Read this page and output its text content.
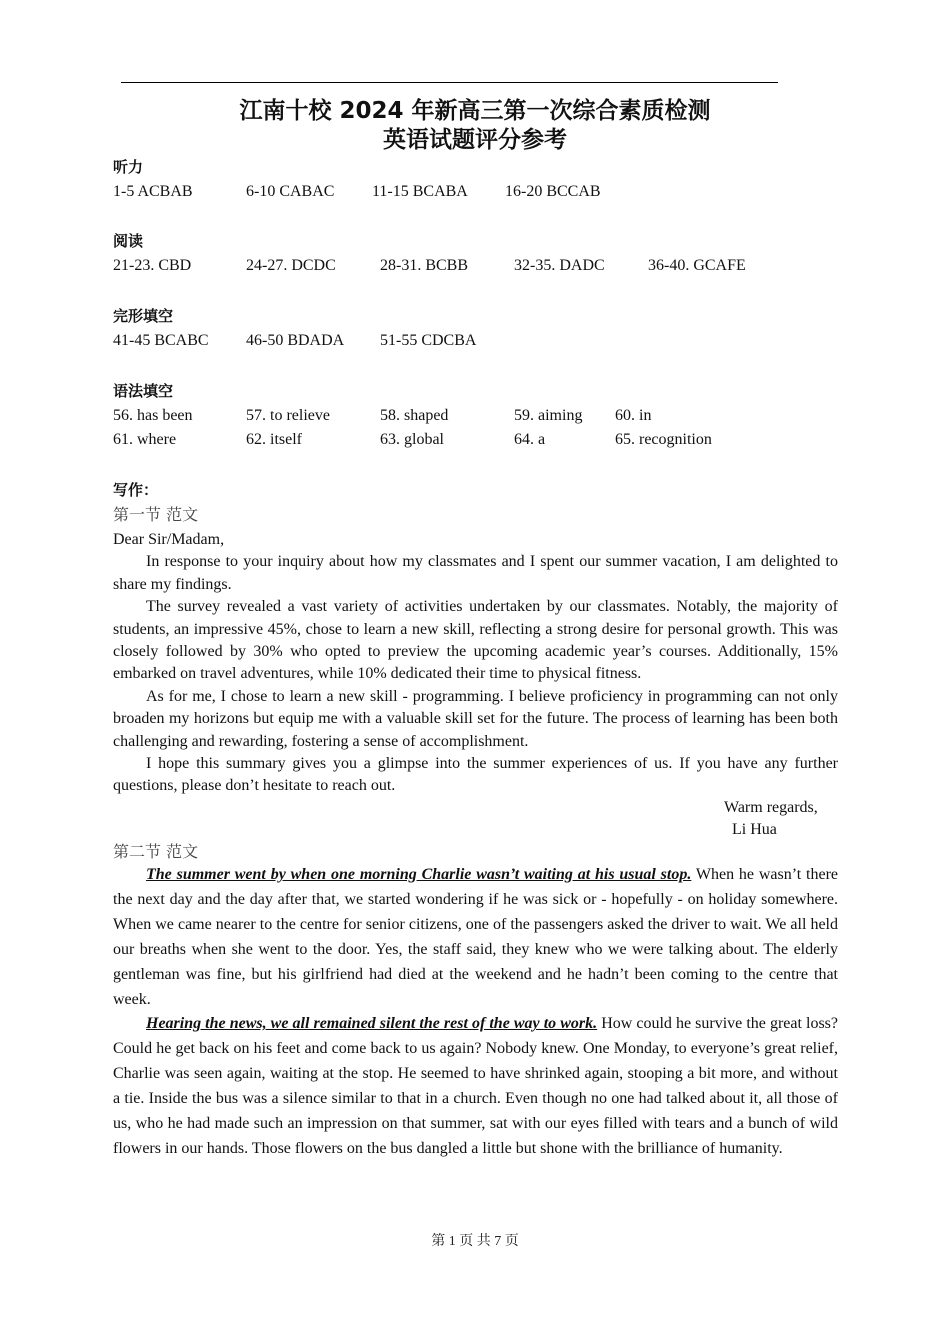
江南十校 2024 年新高三第一次综合素质检测
英语试题评分参考
听力
1-5 ACBAB	6-10 CABAC 11-15 BCABA 16-20 BCCAB
阅读
21-23. CBD	24-27. DCDC	28-31. BCBB	32-35. DADC	36-40. GCAFE
完形填空
41-45 BCABC 46-50 BDADA 51-55 CDCBA
语法填空
56. has been	57. to relieve	58. shaped	59. aiming 60. in
61. where	62. itself	63. global	64. a	65. recognition
写作：
第一节 范文

Dear Sir/Madam,

In response to your inquiry about how my classmates and I spent our summer vacation, I am delighted to share my findings.

The survey revealed a vast variety of activities undertaken by our classmates. Notably, the majority of students, an impressive 45%, chose to learn a new skill, reflecting a strong desire for personal growth. This was closely followed by 30% who opted to preview the upcoming academic year’s courses. Additionally, 15% embarked on travel adventures, while 10% dedicated their time to physical fitness.

As for me, I chose to learn a new skill - programming. I believe proficiency in programming can not only broaden my horizons but equip me with a valuable skill set for the future. The process of learning has been both challenging and rewarding, fostering a sense of accomplishment.

I hope this summary gives you a glimpse into the summer experiences of us. If you have any further questions, please don’t hesitate to reach out.

Warm regards,
Li Hua
第二节 范文

The summer went by when one morning Charlie wasn’t waiting at his usual stop. When he wasn’t there the next day and the day after that, we started wondering if he was sick or - hopefully - on holiday somewhere. When we came nearer to the centre for senior citizens, one of the passengers asked the driver to wait. We all held our breaths when she went to the door. Yes, the staff said, they knew who we were talking about. The elderly gentleman was fine, but his girlfriend had died at the weekend and he hadn’t been coming to the centre that week.

Hearing the news, we all remained silent the rest of the way to work. How could he survive the great loss? Could he get back on his feet and come back to us again? Nobody knew. One Monday, to everyone’s great relief, Charlie was seen again, waiting at the stop. He seemed to have shrinked again, stooping a bit more, and without a tie. Inside the bus was a silence similar to that in a church. Even though no one had talked about it, all those of us, who he had made such an impression on that summer, sat with our eyes filled with tears and a bunch of wild flowers in our hands. Those flowers on the bus dangled a little but shone with the brilliance of humanity.

第 1 页 共 7 页
